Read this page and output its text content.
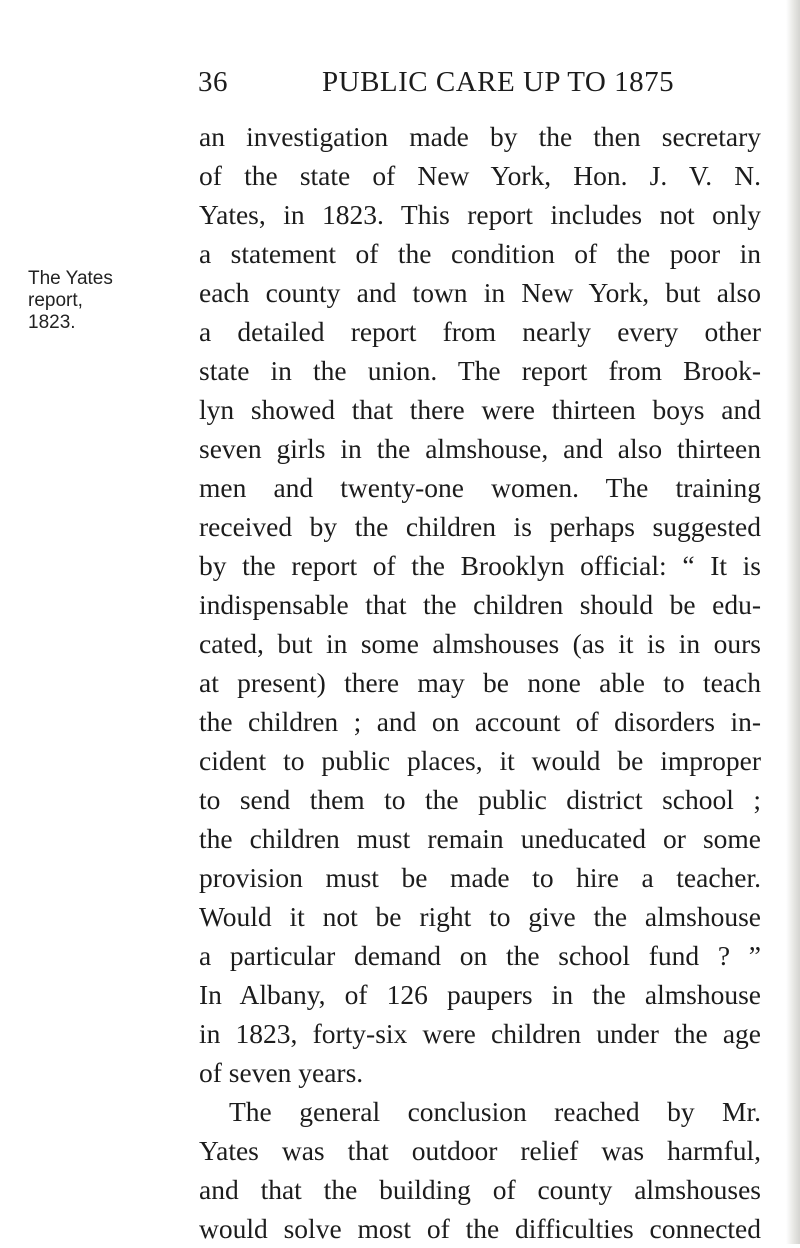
36	PUBLIC CARE UP TO 1875
The Yates
report,
1823.
an investigation made by the then secretary
of the state of New York, Hon. J. V. N.
Yates, in 1823. This report includes not only
a statement of the condition of the poor in
each county and town in New York, but also
a detailed report from nearly every other
state in the union. The report from Brook-
lyn showed that there were thirteen boys and
seven girls in the almshouse, and also thirteen
men and twenty-one women. The training
received by the children is perhaps suggested
by the report of the Brooklyn official: “ It is
indispensable that the children should be edu-
cated, but in some almshouses (as it is in ours
at present) there may be none able to teach
the children ; and on account of disorders in-
cident to public places, it would be improper
to send them to the public district school ;
the children must remain uneducated or some
provision must be made to hire a teacher.
Would it not be right to give the almshouse
a particular demand on the school fund ? ”
In Albany, of 126 paupers in the almshouse
in 1823, forty-six were children under the age
of seven years.
The general conclusion reached by Mr.
Yates was that outdoor relief was harmful,
and that the building of county almshouses
would solve most of the difficulties connected
